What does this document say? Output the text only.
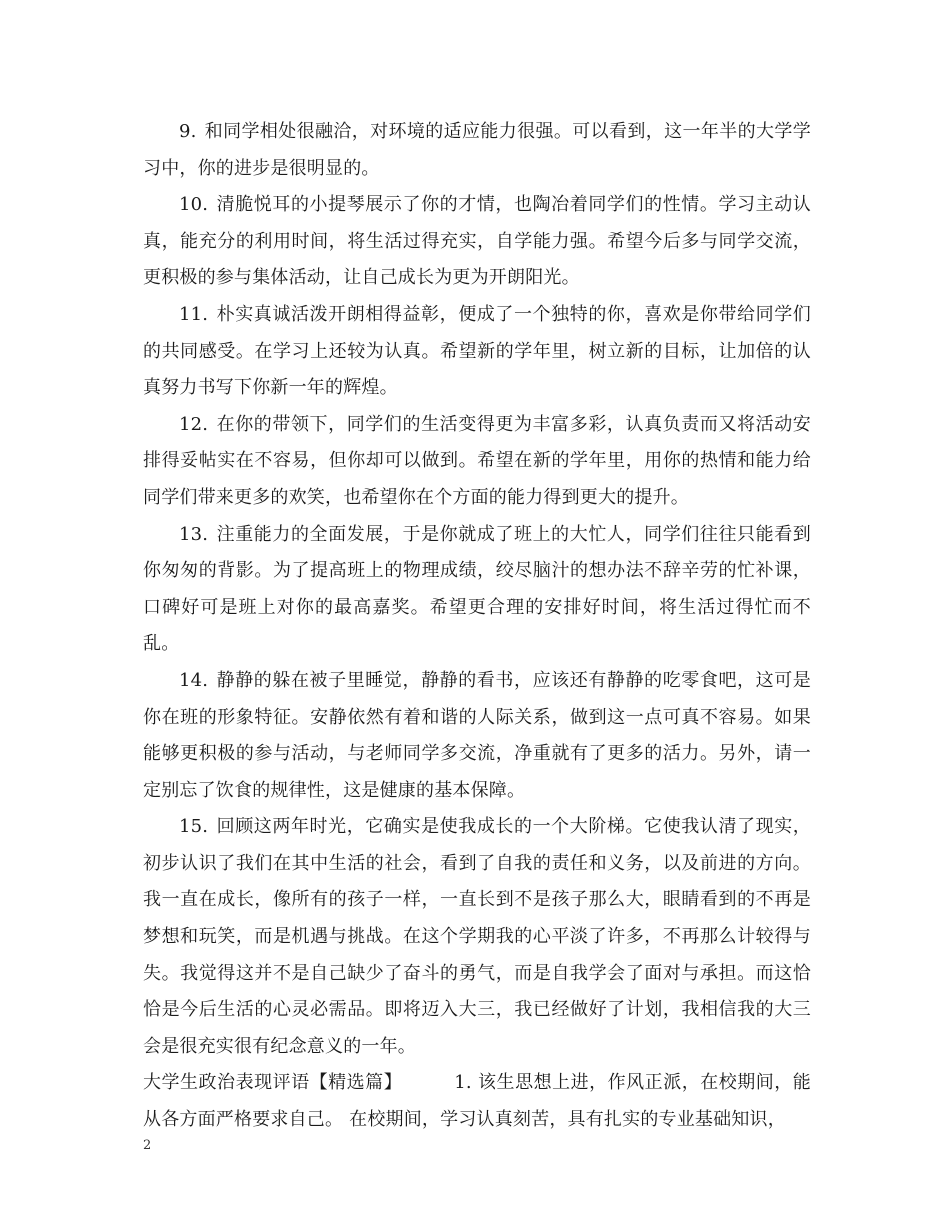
9. 和同学相处很融洽，对环境的适应能力很强。可以看到，这一年半的大学学习中，你的进步是很明显的。

10. 清脆悦耳的小提琴展示了你的才情，也陶冶着同学们的性情。学习主动认真，能充分的利用时间，将生活过得充实，自学能力强。希望今后多与同学交流，更积极的参与集体活动，让自己成长为更为开朗阳光。

11. 朴实真诚活泼开朗相得益彰，便成了一个独特的你，喜欢是你带给同学们的共同感受。在学习上还较为认真。希望新的学年里，树立新的目标，让加倍的认真努力书写下你新一年的辉煌。

12. 在你的带领下，同学们的生活变得更为丰富多彩，认真负责而又将活动安排得妥帖实在不容易，但你却可以做到。希望在新的学年里，用你的热情和能力给同学们带来更多的欢笑，也希望你在个方面的能力得到更大的提升。

13. 注重能力的全面发展，于是你就成了班上的大忙人，同学们往往只能看到你匆匆的背影。为了提高班上的物理成绩，绞尽脑汁的想办法不辞辛劳的忙补课，口碑好可是班上对你的最高嘉奖。希望更合理的安排好时间，将生活过得忙而不乱。

14. 静静的躲在被子里睡觉，静静的看书，应该还有静静的吃零食吧，这可是你在班的形象特征。安静依然有着和谐的人际关系，做到这一点可真不容易。如果能够更积极的参与活动，与老师同学多交流，净重就有了更多的活力。另外，请一定别忘了饮食的规律性，这是健康的基本保障。

15. 回顾这两年时光，它确实是使我成长的一个大阶梯。它使我认清了现实，初步认识了我们在其中生活的社会，看到了自我的责任和义务，以及前进的方向。我一直在成长，像所有的孩子一样，一直长到不是孩子那么大，眼睛看到的不再是梦想和玩笑，而是机遇与挑战。在这个学期我的心平淡了许多，不再那么计较得与失。我觉得这并不是自己缺少了奋斗的勇气，而是自我学会了面对与承担。而这恰恰是今后生活的心灵必需品。即将迈入大三，我已经做好了计划，我相信我的大三会是很充实很有纪念意义的一年。

大学生政治表现评语【精选篇】	1. 该生思想上进，作风正派，在校期间，能从各方面严格要求自己。 在校期间，学习认真刻苦，具有扎实的专业基础知识，

2
